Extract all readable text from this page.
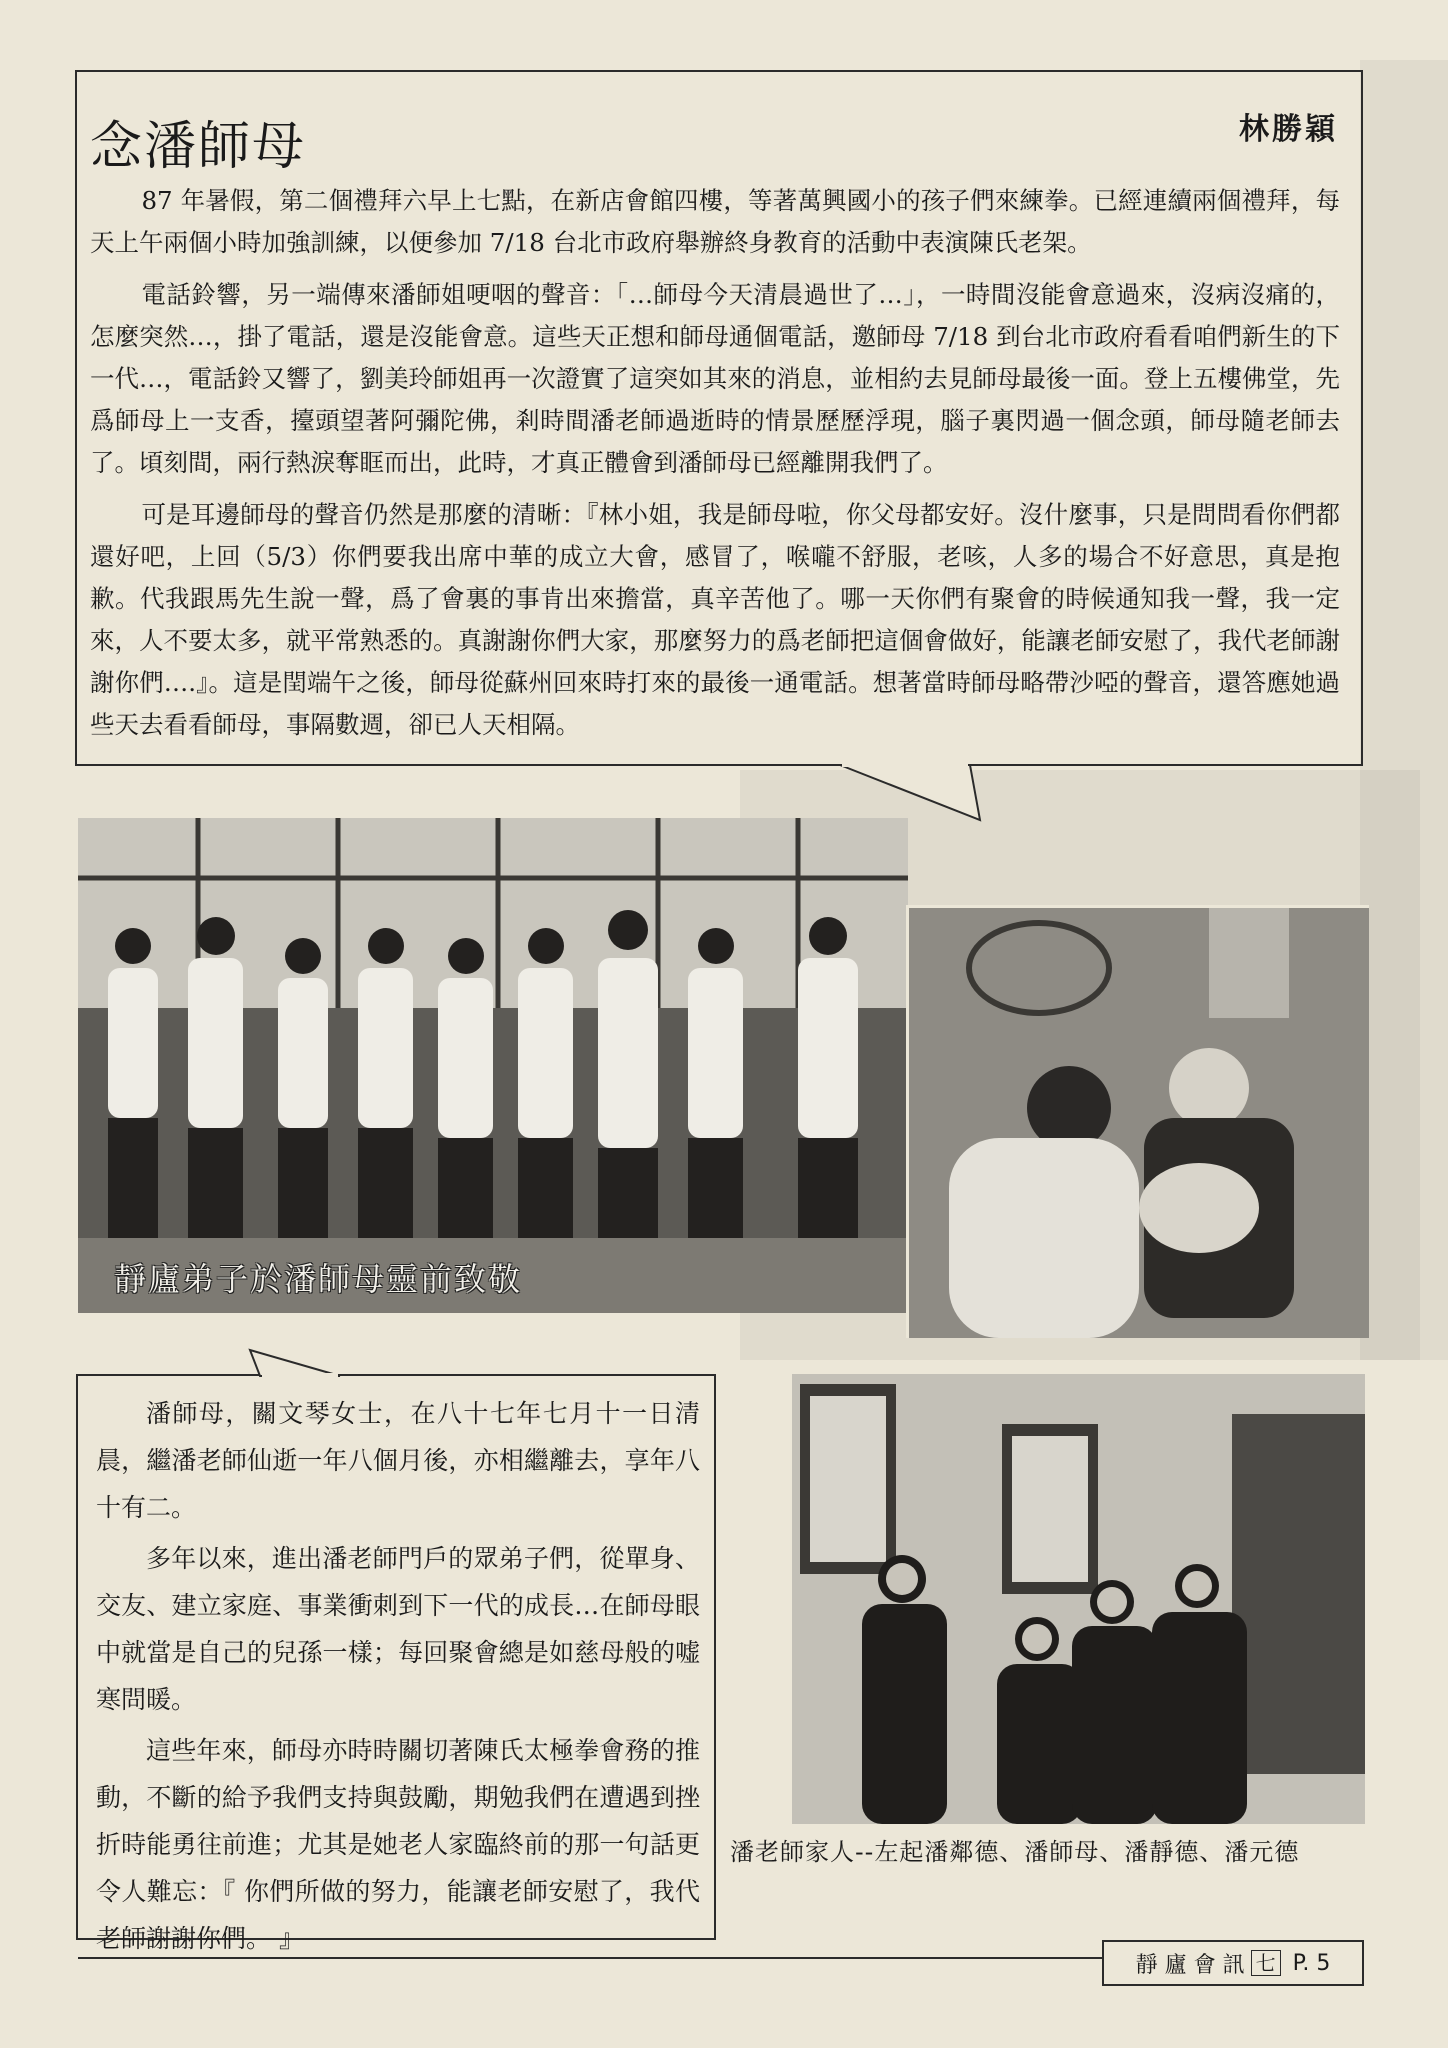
念潘師母	林勝穎

87 年暑假，第二個禮拜六早上七點，在新店會館四樓，等著萬興國小的孩子們來練拳。已經連續兩個禮拜，每天上午兩個小時加強訓練，以便參加 7/18 台北市政府舉辦終身教育的活動中表演陳氏老架。

電話鈴響，另一端傳來潘師姐哽咽的聲音：「…師母今天清晨過世了…」，一時間沒能會意過來，沒病沒痛的，怎麼突然…，掛了電話，還是沒能會意。這些天正想和師母通個電話，邀師母 7/18 到台北市政府看看咱們新生的下一代…，電話鈴又響了，劉美玲師姐再一次證實了這突如其來的消息，並相約去見師母最後一面。登上五樓佛堂，先爲師母上一支香，擡頭望著阿彌陀佛，剎時間潘老師過逝時的情景歷歷浮現，腦子裏閃過一個念頭，師母隨老師去了。頃刻間，兩行熱淚奪眶而出，此時，才真正體會到潘師母已經離開我們了。

可是耳邊師母的聲音仍然是那麼的清晰：『林小姐，我是師母啦，你父母都安好。沒什麼事，只是問問看你們都還好吧，上回（5/3）你們要我出席中華的成立大會，感冒了，喉嚨不舒服，老咳，人多的場合不好意思，真是抱歉。代我跟馬先生說一聲，爲了會裏的事肯出來擔當，真辛苦他了。哪一天你們有聚會的時候通知我一聲，我一定來，人不要太多，就平常熟悉的。真謝謝你們大家，那麼努力的爲老師把這個會做好，能讓老師安慰了，我代老師謝謝你們….』。這是閏端午之後，師母從蘇州回來時打來的最後一通電話。想著當時師母略帶沙啞的聲音，還答應她過些天去看看師母，事隔數週，卻已人天相隔。

靜廬弟子於潘師母靈前致敬

潘師母，關文琴女士，在八十七年七月十一日清晨，繼潘老師仙逝一年八個月後，亦相繼離去，享年八十有二。

多年以來，進出潘老師門戶的眾弟子們，從單身、交友、建立家庭、事業衝刺到下一代的成長…在師母眼中就當是自己的兒孫一樣；每回聚會總是如慈母般的嘘寒問暖。

這些年來，師母亦時時關切著陳氏太極拳會務的推動，不斷的給予我們支持與鼓勵，期勉我們在遭遇到挫折時能勇往前進；尤其是她老人家臨終前的那一句話更令人難忘：『 你們所做的努力，能讓老師安慰了，我代老師謝謝你們。 』

潘老師家人--左起潘鄰德、潘師母、潘靜德、潘元德
靜 廬 會 訊 七 P. 5
